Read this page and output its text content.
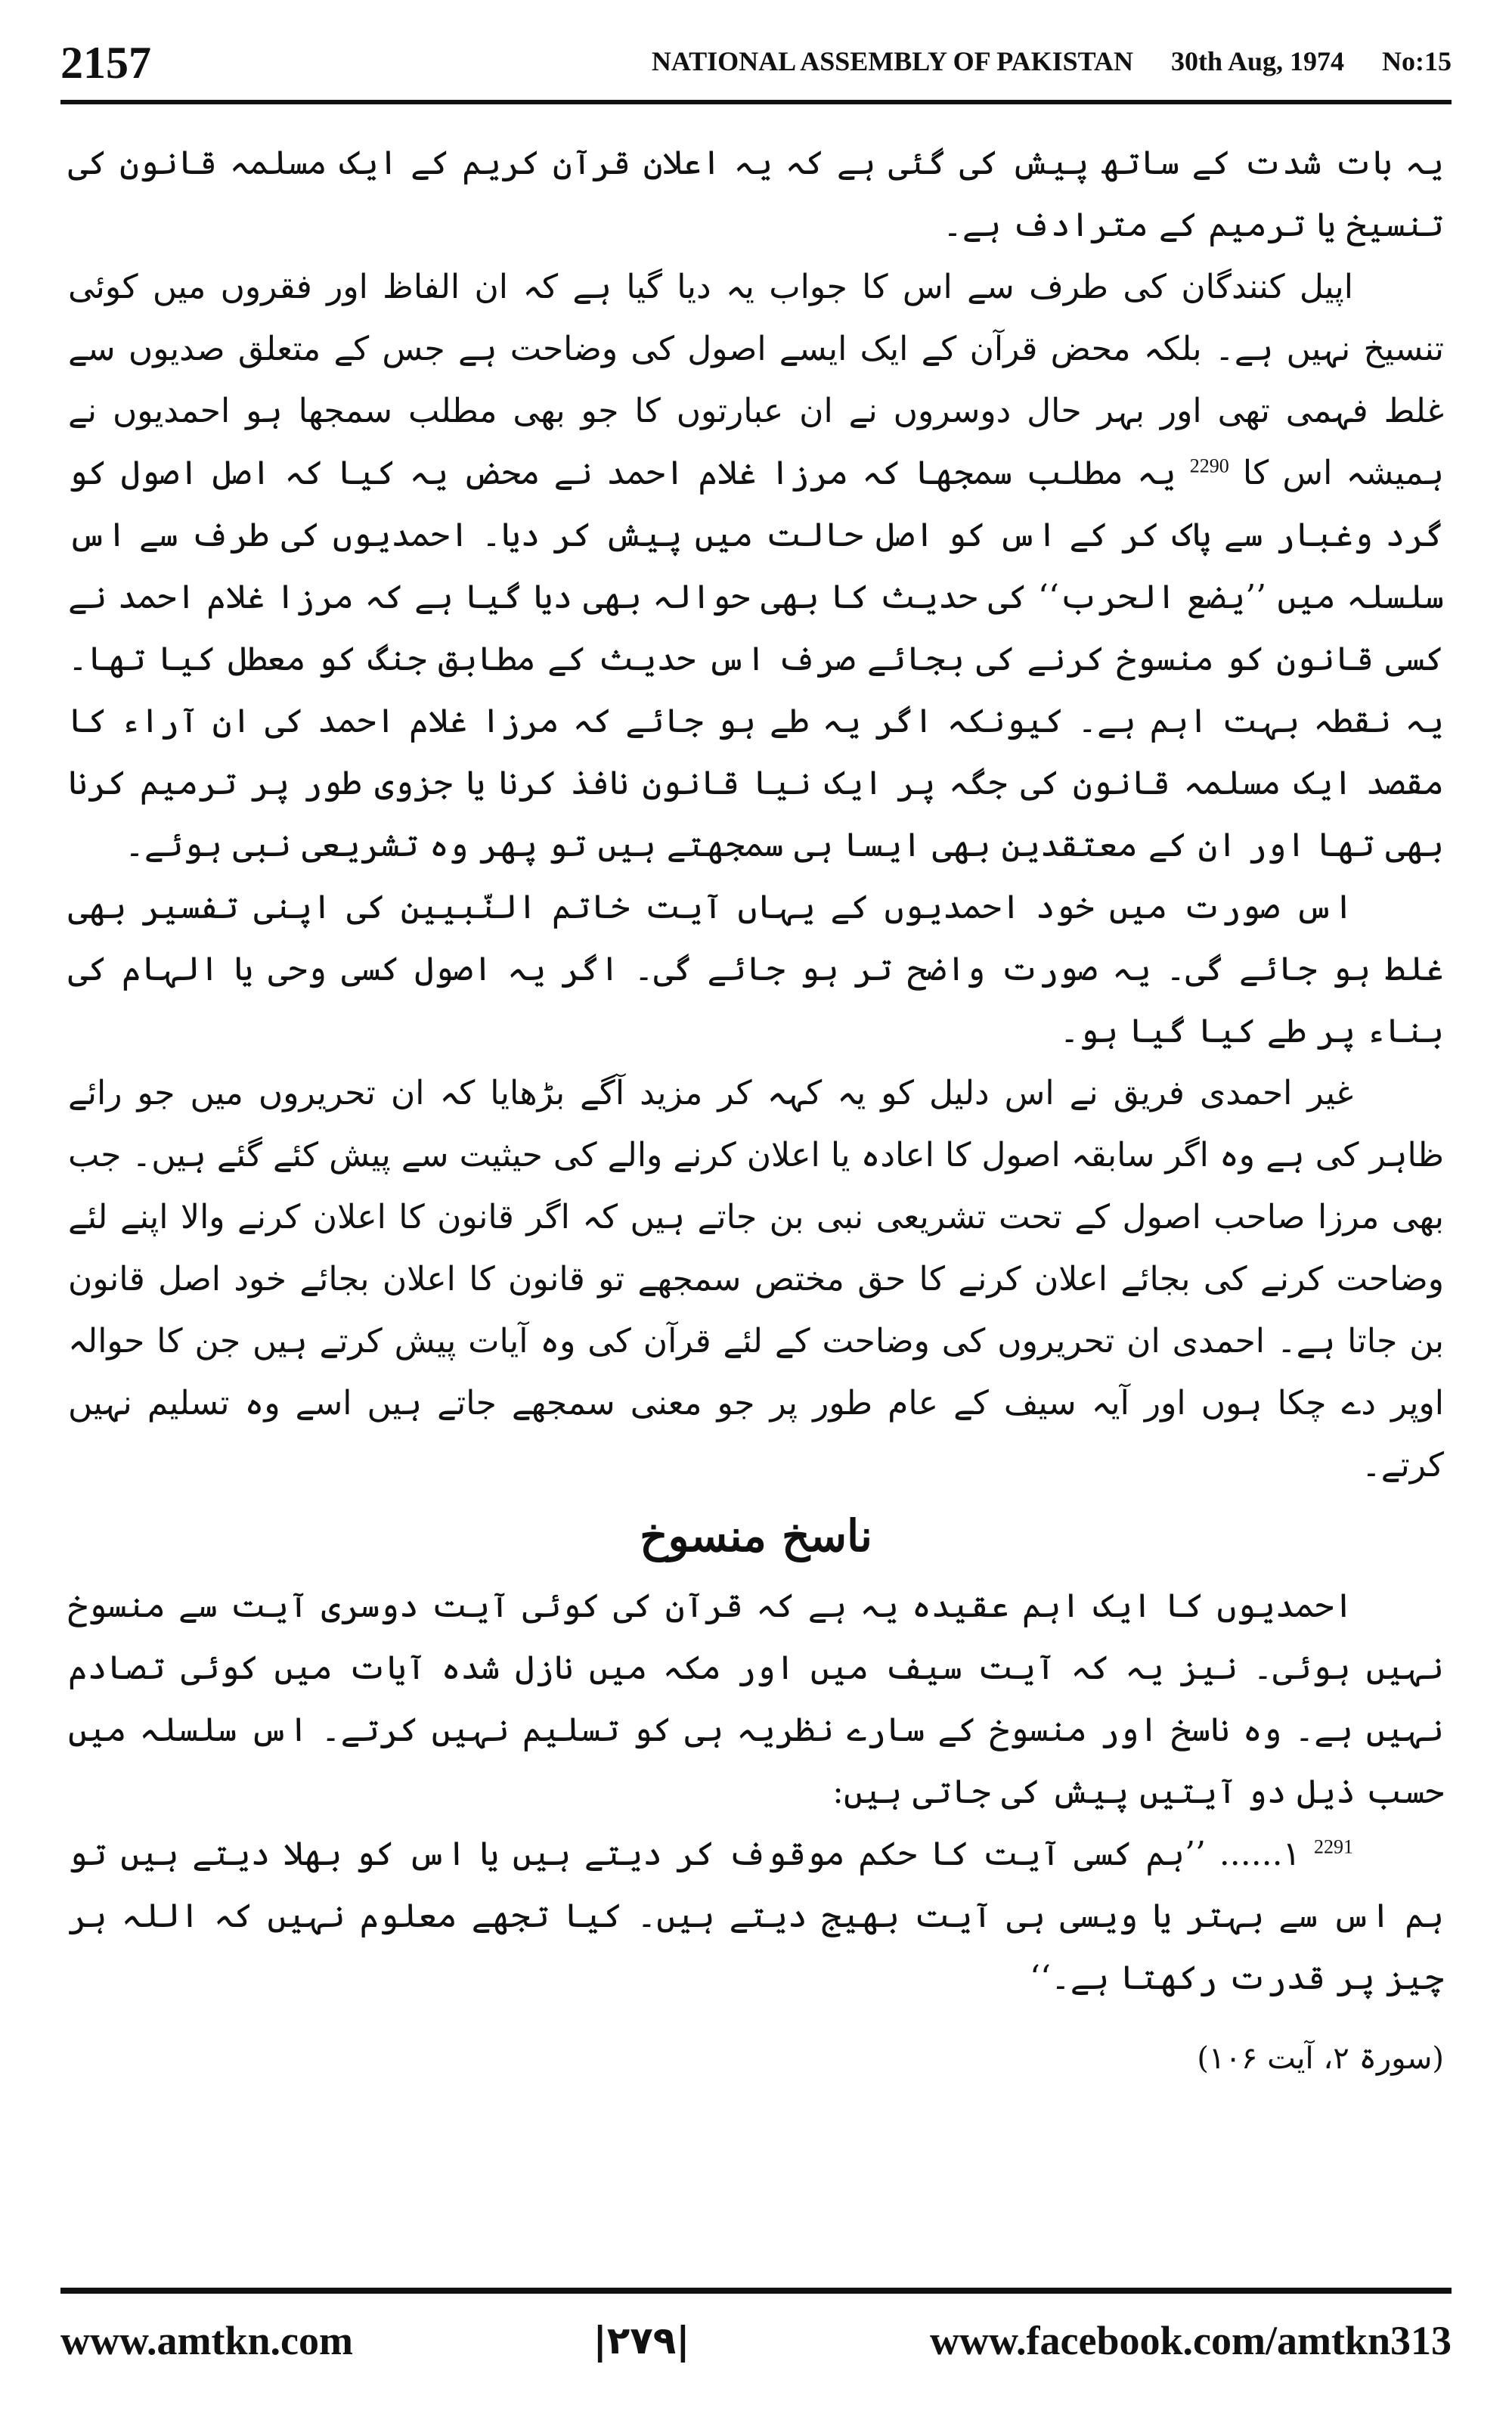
2157	NATIONAL ASSEMBLY OF PAKISTAN 30th Aug, 1974 No:15

یہ بات شدت کے ساتھ پیش کی گئی ہے کہ یہ اعلان قرآن کریم کے ایک مسلمہ قانون کی تنسیخ یا ترمیم کے مترادف ہے۔

اپیل کنندگان کی طرف سے اس کا جواب یہ دیا گیا ہے کہ ان الفاظ اور فقروں میں کوئی تنسیخ نہیں ہے۔ بلکہ محض قرآن کے ایک ایسے اصول کی وضاحت ہے جس کے متعلق صدیوں سے غلط فہمی تھی اور بہر حال دوسروں نے ان عبارتوں کا جو بھی مطلب سمجھا ہو احمدیوں نے ہمیشہ اس کا $^{2290}$ یہ مطلب سمجھا کہ مرزا غلام احمد نے محض یہ کیا کہ اصل اصول کو گرد وغبار سے پاک کر کے اس کو اصل حالت میں پیش کر دیا۔ احمدیوں کی طرف سے اس سلسلہ میں ’’یضع الحرب‘‘ کی حدیث کا بھی حوالہ بھی دیا گیا ہے کہ مرزا غلام احمد نے کسی قانون کو منسوخ کرنے کی بجائے صرف اس حدیث کے مطابق جنگ کو معطل کیا تھا۔ یہ نقطہ بہت اہم ہے۔ کیونکہ اگر یہ طے ہو جائے کہ مرزا غلام احمد کی ان آراء کا مقصد ایک مسلمہ قانون کی جگہ پر ایک نیا قانون نافذ کرنا یا جزوی طور پر ترمیم کرنا بھی تھا اور ان کے معتقدین بھی ایسا ہی سمجھتے ہیں تو پھر وہ تشریعی نبی ہوئے۔

اس صورت میں خود احمدیوں کے یہاں آیت خاتم النّبیین کی اپنی تفسیر بھی غلط ہو جائے گی۔ یہ صورت واضح تر ہو جائے گی۔ اگر یہ اصول کسی وحی یا الہام کی بناء پر طے کیا گیا ہو۔

غیر احمدی فریق نے اس دلیل کو یہ کہہ کر مزید آگے بڑھایا کہ ان تحریروں میں جو رائے ظاہر کی ہے وہ اگر سابقہ اصول کا اعادہ یا اعلان کرنے والے کی حیثیت سے پیش کئے گئے ہیں۔ جب بھی مرزا صاحب اصول کے تحت تشریعی نبی بن جاتے ہیں کہ اگر قانون کا اعلان کرنے والا اپنے لئے وضاحت کرنے کی بجائے اعلان کرنے کا حق مختص سمجھے تو قانون کا اعلان بجائے خود اصل قانون بن جاتا ہے۔ احمدی ان تحریروں کی وضاحت کے لئے قرآن کی وہ آیات پیش کرتے ہیں جن کا حوالہ اوپر دے چکا ہوں اور آیہ سیف کے عام طور پر جو معنی سمجھے جاتے ہیں اسے وہ تسلیم نہیں کرتے۔

ناسخ منسوخ

احمدیوں کا ایک اہم عقیدہ یہ ہے کہ قرآن کی کوئی آیت دوسری آیت سے منسوخ نہیں ہوئی۔ نیز یہ کہ آیت سیف میں اور مکہ میں نازل شدہ آیات میں کوئی تصادم نہیں ہے۔ وہ ناسخ اور منسوخ کے سارے نظریہ ہی کو تسلیم نہیں کرتے۔ اس سلسلہ میں حسب ذیل دو آیتیں پیش کی جاتی ہیں:

$^{2291}$ ۱...... ’’ہم کسی آیت کا حکم موقوف کر دیتے ہیں یا اس کو بھلا دیتے ہیں تو ہم اس سے بہتر یا ویسی ہی آیت بھیج دیتے ہیں۔ کیا تجھے معلوم نہیں کہ اللہ ہر چیز پر قدرت رکھتا ہے۔‘‘

(سورۃ ۲، آیت ۱۰۶)
www.amtkn.com	|۲۷۹|	www.facebook.com/amtkn313
